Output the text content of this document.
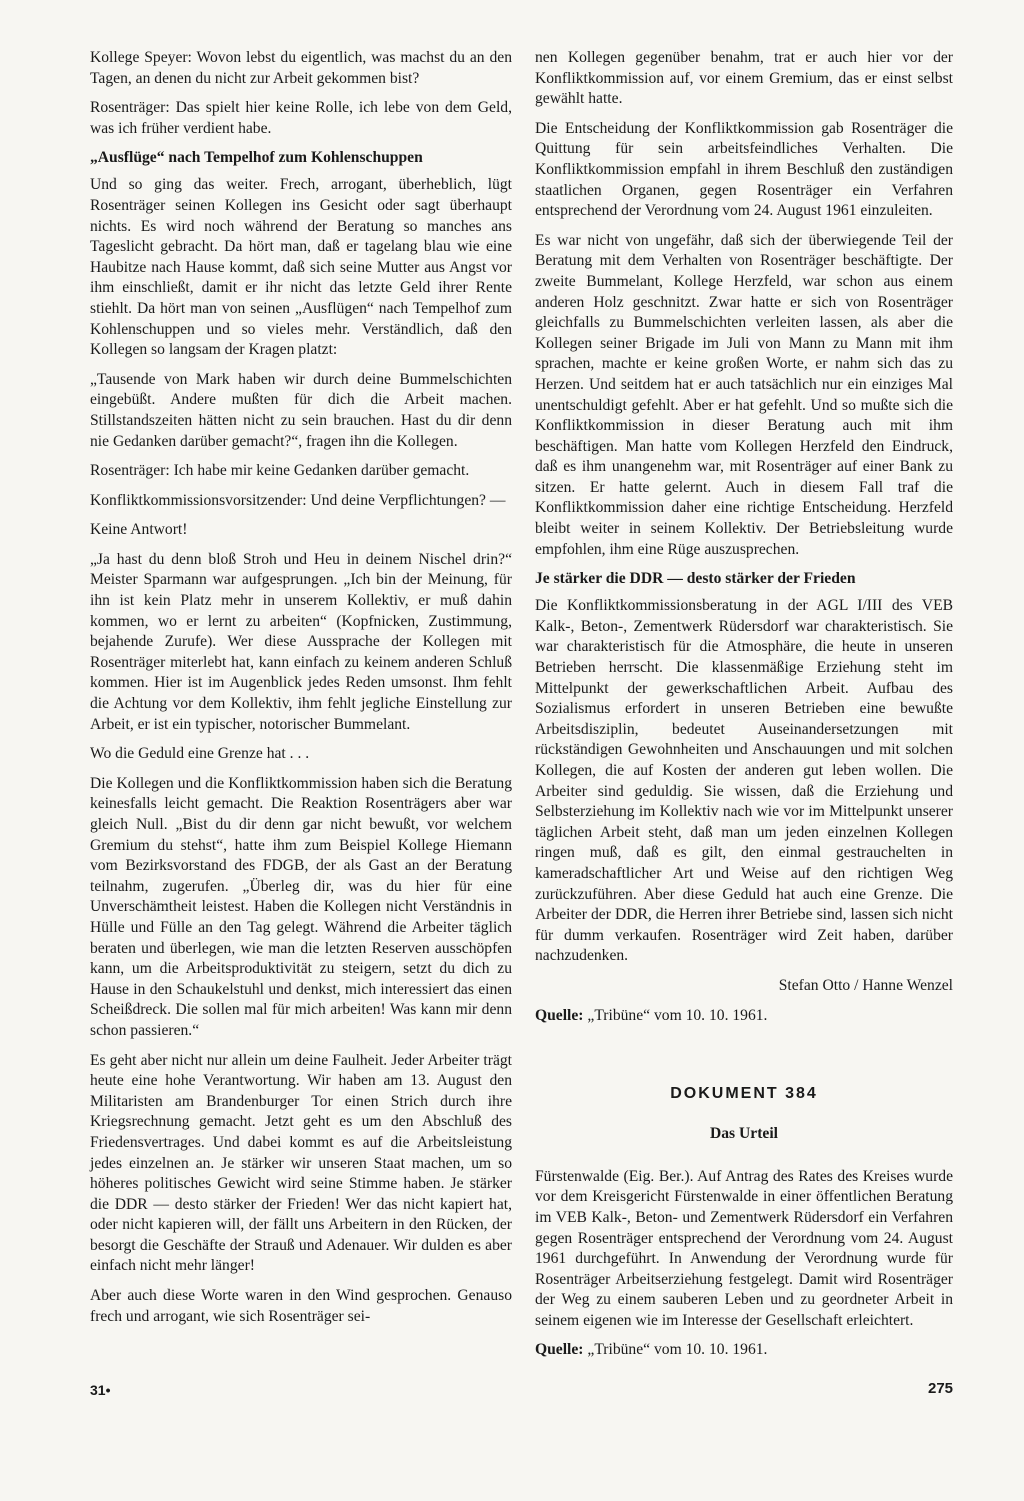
Kollege Speyer: Wovon lebst du eigentlich, was machst du an den Tagen, an denen du nicht zur Arbeit gekommen bist?

Rosenträger: Das spielt hier keine Rolle, ich lebe von dem Geld, was ich früher verdient habe.

„Ausflüge“ nach Tempelhof zum Kohlenschuppen

Und so ging das weiter. Frech, arrogant, überheblich, lügt Rosenträger seinen Kollegen ins Gesicht oder sagt überhaupt nichts. Es wird noch während der Beratung so manches ans Tageslicht gebracht. Da hört man, daß er tagelang blau wie eine Haubitze nach Hause kommt, daß sich seine Mutter aus Angst vor ihm einschließt, damit er ihr nicht das letzte Geld ihrer Rente stiehlt. Da hört man von seinen „Ausflügen“ nach Tempelhof zum Kohlenschuppen und so vieles mehr. Verständlich, daß den Kollegen so langsam der Kragen platzt:

„Tausende von Mark haben wir durch deine Bummelschichten eingebüßt. Andere mußten für dich die Arbeit machen. Stillstandszeiten hätten nicht zu sein brauchen. Hast du dir denn nie Gedanken darüber gemacht?“, fragen ihn die Kollegen.

Rosenträger: Ich habe mir keine Gedanken darüber gemacht.

Konfliktkommissionsvorsitzender: Und deine Verpflichtungen? —

Keine Antwort!

„Ja hast du denn bloß Stroh und Heu in deinem Nischel drin?“ Meister Sparmann war aufgesprungen. „Ich bin der Meinung, für ihn ist kein Platz mehr in unserem Kollektiv, er muß dahin kommen, wo er lernt zu arbeiten“ (Kopfnicken, Zustimmung, bejahende Zurufe). Wer diese Aussprache der Kollegen mit Rosenträger miterlebt hat, kann einfach zu keinem anderen Schluß kommen. Hier ist im Augenblick jedes Reden umsonst. Ihm fehlt die Achtung vor dem Kollektiv, ihm fehlt jegliche Einstellung zur Arbeit, er ist ein typischer, notorischer Bummelant.

Wo die Geduld eine Grenze hat . . .

Die Kollegen und die Konfliktkommission haben sich die Beratung keinesfalls leicht gemacht. Die Reaktion Rosenträgers aber war gleich Null. „Bist du dir denn gar nicht bewußt, vor welchem Gremium du stehst“, hatte ihm zum Beispiel Kollege Hiemann vom Bezirksvorstand des FDGB, der als Gast an der Beratung teilnahm, zugerufen. „Überleg dir, was du hier für eine Unverschämtheit leistest. Haben die Kollegen nicht Verständnis in Hülle und Fülle an den Tag gelegt. Während die Arbeiter täglich beraten und überlegen, wie man die letzten Reserven ausschöpfen kann, um die Arbeitsproduktivität zu steigern, setzt du dich zu Hause in den Schaukelstuhl und denkst, mich interessiert das einen Scheißdreck. Die sollen mal für mich arbeiten! Was kann mir denn schon passieren.“

Es geht aber nicht nur allein um deine Faulheit. Jeder Arbeiter trägt heute eine hohe Verantwortung. Wir haben am 13. August den Militaristen am Brandenburger Tor einen Strich durch ihre Kriegsrechnung gemacht. Jetzt geht es um den Abschluß des Friedensvertrages. Und dabei kommt es auf die Arbeitsleistung jedes einzelnen an. Je stärker wir unseren Staat machen, um so höheres politisches Gewicht wird seine Stimme haben. Je stärker die DDR — desto stärker der Frieden! Wer das nicht kapiert hat, oder nicht kapieren will, der fällt uns Arbeitern in den Rücken, der besorgt die Geschäfte der Strauß und Adenauer. Wir dulden es aber einfach nicht mehr länger!

Aber auch diese Worte waren in den Wind gesprochen. Genauso frech und arrogant, wie sich Rosenträger sei-

nen Kollegen gegenüber benahm, trat er auch hier vor der Konfliktkommission auf, vor einem Gremium, das er einst selbst gewählt hatte.

Die Entscheidung der Konfliktkommission gab Rosenträger die Quittung für sein arbeitsfeindliches Verhalten. Die Konfliktkommission empfahl in ihrem Beschluß den zuständigen staatlichen Organen, gegen Rosenträger ein Verfahren entsprechend der Verordnung vom 24. August 1961 einzuleiten.

Es war nicht von ungefähr, daß sich der überwiegende Teil der Beratung mit dem Verhalten von Rosenträger beschäftigte. Der zweite Bummelant, Kollege Herzfeld, war schon aus einem anderen Holz geschnitzt. Zwar hatte er sich von Rosenträger gleichfalls zu Bummelschichten verleiten lassen, als aber die Kollegen seiner Brigade im Juli von Mann zu Mann mit ihm sprachen, machte er keine großen Worte, er nahm sich das zu Herzen. Und seitdem hat er auch tatsächlich nur ein einziges Mal unentschuldigt gefehlt. Aber er hat gefehlt. Und so mußte sich die Konfliktkommission in dieser Beratung auch mit ihm beschäftigen. Man hatte vom Kollegen Herzfeld den Eindruck, daß es ihm unangenehm war, mit Rosenträger auf einer Bank zu sitzen. Er hatte gelernt. Auch in diesem Fall traf die Konfliktkommission daher eine richtige Entscheidung. Herzfeld bleibt weiter in seinem Kollektiv. Der Betriebsleitung wurde empfohlen, ihm eine Rüge auszusprechen.

Je stärker die DDR — desto stärker der Frieden

Die Konfliktkommissionsberatung in der AGL I/III des VEB Kalk-, Beton-, Zementwerk Rüdersdorf war charakteristisch. Sie war charakteristisch für die Atmosphäre, die heute in unseren Betrieben herrscht. Die klassenmäßige Erziehung steht im Mittelpunkt der gewerkschaftlichen Arbeit. Aufbau des Sozialismus erfordert in unseren Betrieben eine bewußte Arbeitsdisziplin, bedeutet Auseinandersetzungen mit rückständigen Gewohnheiten und Anschauungen und mit solchen Kollegen, die auf Kosten der anderen gut leben wollen. Die Arbeiter sind geduldig. Sie wissen, daß die Erziehung und Selbsterziehung im Kollektiv nach wie vor im Mittelpunkt unserer täglichen Arbeit steht, daß man um jeden einzelnen Kollegen ringen muß, daß es gilt, den einmal gestrauchelten in kameradschaftlicher Art und Weise auf den richtigen Weg zurückzuführen. Aber diese Geduld hat auch eine Grenze. Die Arbeiter der DDR, die Herren ihrer Betriebe sind, lassen sich nicht für dumm verkaufen. Rosenträger wird Zeit haben, darüber nachzudenken.

Stefan Otto / Hanne Wenzel

Quelle: „Tribüne“ vom 10. 10. 1961.

DOKUMENT 384

Das Urteil

Fürstenwalde (Eig. Ber.). Auf Antrag des Rates des Kreises wurde vor dem Kreisgericht Fürstenwalde in einer öffentlichen Beratung im VEB Kalk-, Beton- und Zementwerk Rüdersdorf ein Verfahren gegen Rosenträger entsprechend der Verordnung vom 24. August 1961 durchgeführt. In Anwendung der Verordnung wurde für Rosenträger Arbeitserziehung festgelegt. Damit wird Rosenträger der Weg zu einem sauberen Leben und zu geordneter Arbeit in seinem eigenen wie im Interesse der Gesellschaft erleichtert.

Quelle: „Tribüne“ vom 10. 10. 1961.

31•	275
